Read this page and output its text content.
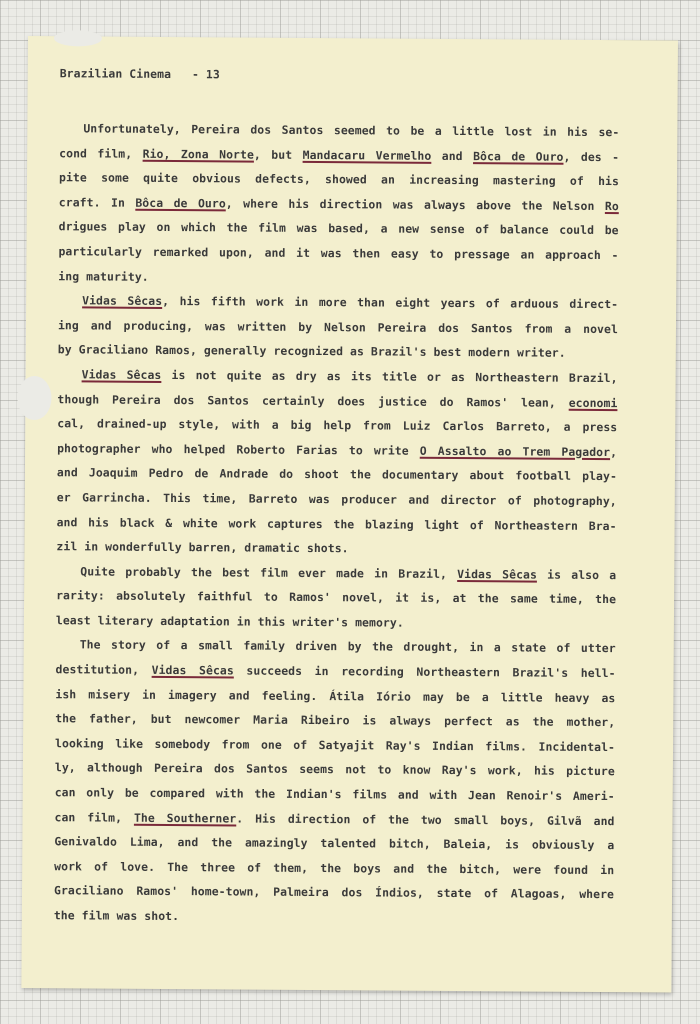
Brazilian Cinema - 13
Unfortunately, Pereira dos Santos seemed to be a little lost in his se-
cond film, Rio, Zona Norte, but Mandacaru Vermelho and Bôca de Ouro, des -
pite some quite obvious defects, showed an increasing mastering of his
craft. In Bôca de Ouro, where his direction was always above the Nelson Ro
drigues play on which the film was based, a new sense of balance could be
particularly remarked upon, and it was then easy to pressage an approach -
ing maturity.
Vidas Sêcas, his fifth work in more than eight years of arduous direct-
ing and producing, was written by Nelson Pereira dos Santos from a novel
by Graciliano Ramos, generally recognized as Brazil's best modern writer.
Vidas Sêcas is not quite as dry as its title or as Northeastern Brazil,
though Pereira dos Santos certainly does justice do Ramos' lean, economi
cal, drained-up style, with a big help from Luiz Carlos Barreto, a press
photographer who helped Roberto Farias to write O Assalto ao Trem Pagador,
and Joaquim Pedro de Andrade do shoot the documentary about football play-
er Garrincha. This time, Barreto was producer and director of photography,
and his black & white work captures the blazing light of Northeastern Bra-
zil in wonderfully barren, dramatic shots.
Quite probably the best film ever made in Brazil, Vidas Sêcas is also a
rarity: absolutely faithful to Ramos' novel, it is, at the same time, the
least literary adaptation in this writer's memory.
The story of a small family driven by the drought, in a state of utter
destitution, Vidas Sêcas succeeds in recording Northeastern Brazil's hell-
ish misery in imagery and feeling. Átila Iório may be a little heavy as
the father, but newcomer Maria Ribeiro is always perfect as the mother,
looking like somebody from one of Satyajit Ray's Indian films. Incidental-
ly, although Pereira dos Santos seems not to know Ray's work, his picture
can only be compared with the Indian's films and with Jean Renoir's Ameri-
can film, The Southerner. His direction of the two small boys, Gilvã and
Genivaldo Lima, and the amazingly talented bitch, Baleia, is obviously a
work of love. The three of them, the boys and the bitch, were found in
Graciliano Ramos' home-town, Palmeira dos Índios, state of Alagoas, where
the film was shot.
